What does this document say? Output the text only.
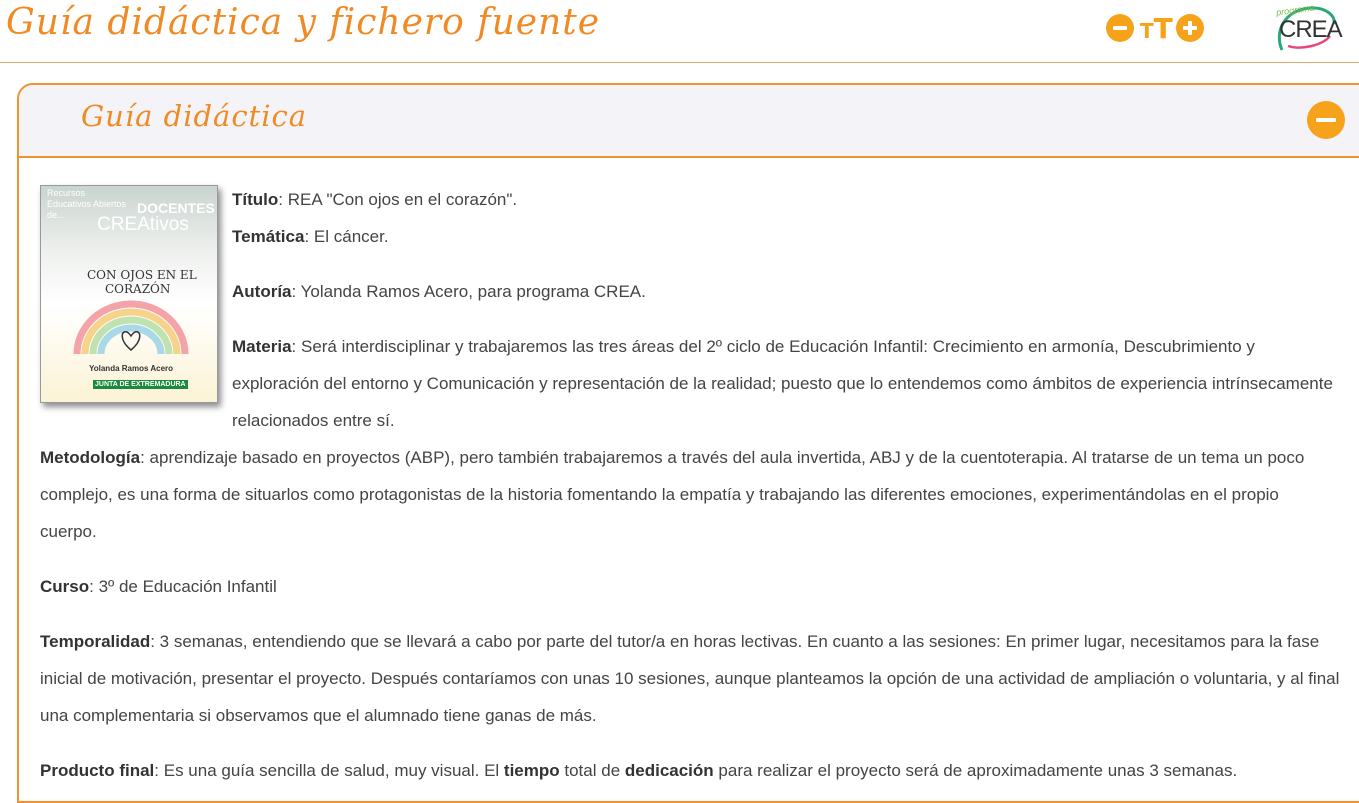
Guía didáctica y fichero fuente	TT
programa
CREA
Guía didáctica
Recursos Educativos Abiertos de...	DOCENTES
CREAtivos
CON OJOS EN EL
CORAZÓN
Yolanda Ramos Acero
JUNTA DE EXTREMADURA

Título: REA "Con ojos en el corazón".

Temática: El cáncer.

Autoría: Yolanda Ramos Acero, para programa CREA.

Materia: Será interdisciplinar y trabajaremos las tres áreas del 2º ciclo de Educación Infantil: Crecimiento en armonía, Descubrimiento y exploración del entorno y Comunicación y representación de la realidad; puesto que lo entendemos como ámbitos de experiencia intrínsecamente relacionados entre sí.

Metodología: aprendizaje basado en proyectos (ABP), pero también trabajaremos a través del aula invertida, ABJ y de la cuentoterapia. Al tratarse de un tema un poco complejo, es una forma de situarlos como protagonistas de la historia fomentando la empatía y trabajando las diferentes emociones, experimentándolas en el propio cuerpo.

Curso: 3º de Educación Infantil

Temporalidad: 3 semanas, entendiendo que se llevará a cabo por parte del tutor/a en horas lectivas. En cuanto a las sesiones: En primer lugar, necesitamos para la fase inicial de motivación, presentar el proyecto. Después contaríamos con unas 10 sesiones, aunque planteamos la opción de una actividad de ampliación o voluntaria, y al final una complementaria si observamos que el alumnado tiene ganas de más.

Producto final: Es una guía sencilla de salud, muy visual. El tiempo total de dedicación para realizar el proyecto será de aproximadamente unas 3 semanas.
